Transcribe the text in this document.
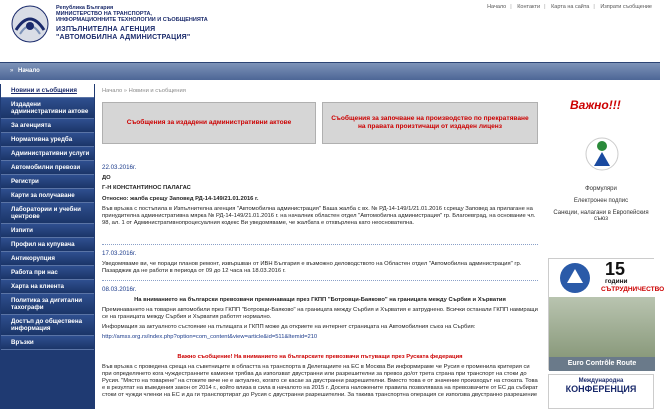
Република България
МИНИСТЕРСТВО НА ТРАНСПОРТА,
ИНФОРМАЦИОННИТЕ ТЕХНОЛОГИИ И СЪОБЩЕНИЯТА
ИЗПЪЛНИТЕЛНА АГЕНЦИЯ
"АВТОМОБИЛНА АДМИНИСТРАЦИЯ"
Начало | Контакти | Карта на сайта | Изпрати съобщение
» Начало
Новини и съобщения
Издадени административни актове
За агенцията
Нормативна уредба
Административни услуги
Автомобилни превози
Регистри
Карти за получаване
Лаборатории и учебни центрове
Изпити
Профил на купувача
Антикорупция
Работа при нас
Харта на клиента
Политика за дигитални тахографи
Достъп до обществена информация
Връзки
Начало » Новини и съобщения
Съобщения за издадени административни актове
Съобщения за започване на производство по прекратяване на правата произтичащи от издаден лиценз
22.03.2016г.
ДО
Г-Н КОНСТАНТИНОС ПАЛАГАС
Относно: жалба срещу Заповед РД-14-149/21.01.2016 г.
Във връзка с постъпила в Изпълнителна агенция "Автомобилна администрация" Ваша жалба с вх. № РД-14-149/1/21.01.2016 г.срещу Заповед за прилагане на принудителна административна мярка № РД-14-149/21.01.2016 г. на началник областен отдел "Автомобилна администрация" гр. Благоевград, на основание чл. 98, ал. 1 от Административнопроцесуалния кодекс Ви уведомяваме, че жалбата е отхвърлена като неоснователна.
17.03.2016г.
Уведомяваме ви, че поради планов ремонт, извършван от ИВН България е възможно деловодството на Областен отдел "Автомобилна администрация" гр. Пазарджик да не работи в периода от 09 до 12 часа на 18.03.2016 г.
08.03.2016г.
На вниманието на български превозвачи преминаващи през ГКПП "Ботровци-Баяково" на границата между Сърбия и Хърватия
Преминаването на товарни автомобили през ГКПП "Ботровци-Баяково" на границата между Сърбия и Хърватия е затруднено. Всички останали ГКПП намиращи се на границата между Сърбия и Хърватия работят нормално.
Информация за актуалното състояние на пътищата и ГКПП може да откриете на интернет страницата на Автомобилния съюз на Сърбия:
http://amss.org.rs/index.php?option=com_content&view=article&id=511&Itemid=210
Важно съобщение! На вниманието на българските превозвачи пътуващи през Руската федерация
Във връзка с проведена среща на съветниците в областта на транспорта в Делегациите на ЕС в Москва Ви информираме че Русия е променила критерия си при определянето кога чуждестранните камиони трябва да използват двустранни или разрешителни за превоз до/от трета страна при транспорт на стоки до Русия. "Място на товарене" на стоките вече не е актуално, когато се касае за двустранни разрешителни. Вместо това е от значение произходът на стоката. Това е в резултат на въведения закон от 2014 г., който влиза в сила в началото на 2015 г. Досега наложените правила позволяваха на превозвачите от ЕС да събират стоки от чужди членки на ЕС и да ги транспортират до Русия с двустранни разрешителни. За такива транспортна операция се използва двустранно разрешение
Важно!!!
Формуляри
Електронен подпис
Санкции, налагани в Европейския съюз
15
години
СЪТРУДНИЧЕСТВО
Euro Contrôle Route
Международна
КОНФЕРЕНЦИЯ
